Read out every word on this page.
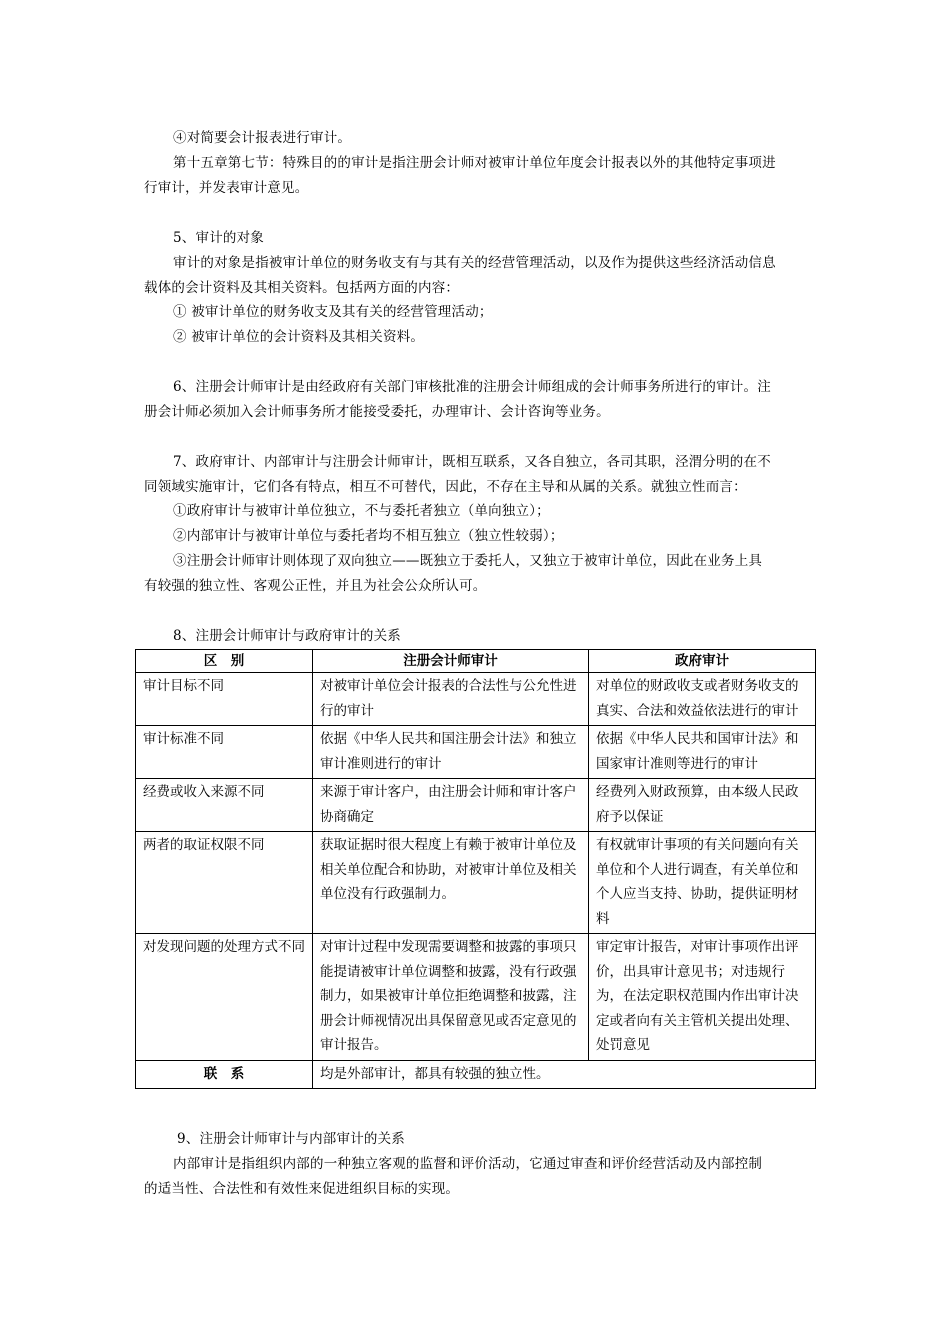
④对简要会计报表进行审计。
第十五章第七节：特殊目的的审计是指注册会计师对被审计单位年度会计报表以外的其他特定事项进
行审计，并发表审计意见。
5、审计的对象
审计的对象是指被审计单位的财务收支有与其有关的经营管理活动，以及作为提供这些经济活动信息
载体的会计资料及其相关资料。包括两方面的内容：
① 被审计单位的财务收支及其有关的经营管理活动；
② 被审计单位的会计资料及其相关资料。
6、注册会计师审计是由经政府有关部门审核批准的注册会计师组成的会计师事务所进行的审计。注
册会计师必须加入会计师事务所才能接受委托，办理审计、会计咨询等业务。
7、政府审计、内部审计与注册会计师审计，既相互联系，又各自独立，各司其职，泾渭分明的在不
同领域实施审计，它们各有特点，相互不可替代，因此，不存在主导和从属的关系。就独立性而言：
①政府审计与被审计单位独立，不与委托者独立（单向独立）；
②内部审计与被审计单位与委托者均不相互独立（独立性较弱）；
③注册会计师审计则体现了双向独立——既独立于委托人，又独立于被审计单位，因此在业务上具
有较强的独立性、客观公正性，并且为社会公众所认可。
8、注册会计师审计与政府审计的关系
区　别	注册会计师审计	政府审计
审计目标不同	对被审计单位会计报表的合法性与公允性进行的审计	对单位的财政收支或者财务收支的真实、合法和效益依法进行的审计
审计标准不同	依据《中华人民共和国注册会计法》和独立审计准则进行的审计	依据《中华人民共和国审计法》和国家审计准则等进行的审计
经费或收入来源不同	来源于审计客户，由注册会计师和审计客户协商确定	经费列入财政预算，由本级人民政府予以保证
两者的取证权限不同	获取证据时很大程度上有赖于被审计单位及相关单位配合和协助，对被审计单位及相关单位没有行政强制力。	有权就审计事项的有关问题向有关单位和个人进行调查，有关单位和个人应当支持、协助，提供证明材料
对发现问题的处理方式不同	对审计过程中发现需要调整和披露的事项只能提请被审计单位调整和披露，没有行政强制力，如果被审计单位拒绝调整和披露，注册会计师视情况出具保留意见或否定意见的审计报告。	审定审计报告，对审计事项作出评价，出具审计意见书；对违规行为，在法定职权范围内作出审计决定或者向有关主管机关提出处理、处罚意见
联　系	均是外部审计，都具有较强的独立性。	
9、注册会计师审计与内部审计的关系
内部审计是指组织内部的一种独立客观的监督和评价活动，它通过审查和评价经营活动及内部控制
的适当性、合法性和有效性来促进组织目标的实现。
